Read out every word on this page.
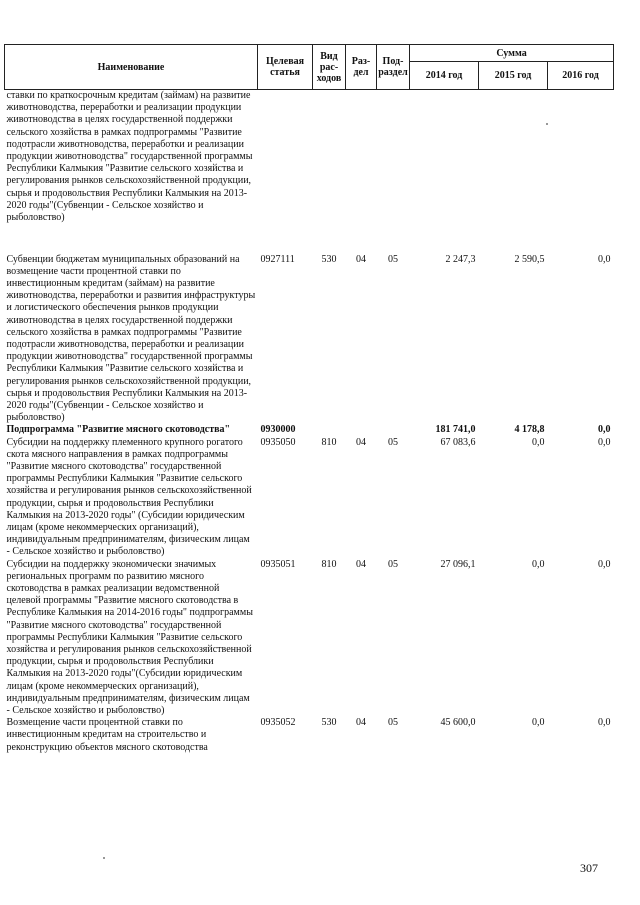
Наименование	Целевая статья	Вид рас-ходов	Раз-дел	Под-раздел	Сумма		
					2014 год	2015 год	2016 год
ставки по краткосрочным кредитам (займам) на развитие животноводства, переработки и реализации продукции животноводства в целях государственной поддержки сельского хозяйства в рамках подпрограммы "Развитие подотрасли животноводства, переработки и реализации продукции животноводства" государственной программы Республики Калмыкия "Развитие сельского хозяйства и регулирования рынков сельскохозяйственной продукции, сырья и продовольствия Республики Калмыкия на 2013-2020 годы"(Субвенции - Сельское хозяйство и рыболовство)							
Субвенции бюджетам муниципальных образований на возмещение части процентной ставки по инвестиционным кредитам (займам) на развитие животноводства, переработки и развития инфраструктуры и логистического обеспечения рынков продукции животноводства в целях государственной поддержки сельского хозяйства в рамках подпрограммы "Развитие подотрасли животноводства, переработки и реализации продукции животноводства" государственной программы Республики Калмыкия "Развитие сельского хозяйства и регулирования рынков сельскохозяйственной продукции, сырья и продовольствия Республики Калмыкия на 2013-2020 годы"(Субвенции - Сельское хозяйство и рыболовство)	0927111	530	04	05	2 247,3	2 590,5	0,0
Подпрограмма "Развитие мясного скотоводства"	0930000				181 741,0	4 178,8	0,0
Субсидии на поддержку племенного крупного рогатого скота мясного направления в рамках подпрограммы "Развитие мясного скотоводства" государственной программы Республики Калмыкия "Развитие сельского хозяйства и регулирования рынков сельскохозяйственной продукции, сырья и продовольствия Республики Калмыкия на 2013-2020 годы" (Субсидии юридическим лицам (кроме некоммерческих организаций), индивидуальным предпринимателям, физическим лицам - Сельское хозяйство и рыболовство)	0935050	810	04	05	67 083,6	0,0	0,0
Субсидии на поддержку экономически значимых региональных программ по развитию мясного скотоводства в рамках реализации ведомственной целевой программы "Развитие мясного скотоводства в Республике Калмыкия на 2014-2016 годы" подпрограммы "Развитие мясного скотоводства" государственной программы Республики Калмыкия "Развитие сельского хозяйства и регулирования рынков сельскохозяйственной продукции, сырья и продовольствия Республики Калмыкия на 2013-2020 годы"(Субсидии юридическим лицам (кроме некоммерческих организаций), индивидуальным предпринимателям, физическим лицам - Сельское хозяйство и рыболовство)	0935051	810	04	05	27 096,1	0,0	0,0
Возмещение части процентной ставки по инвестиционным кредитам на строительство и реконструкцию объектов мясного скотоводства	0935052	530	04	05	45 600,0	0,0	0,0
307
